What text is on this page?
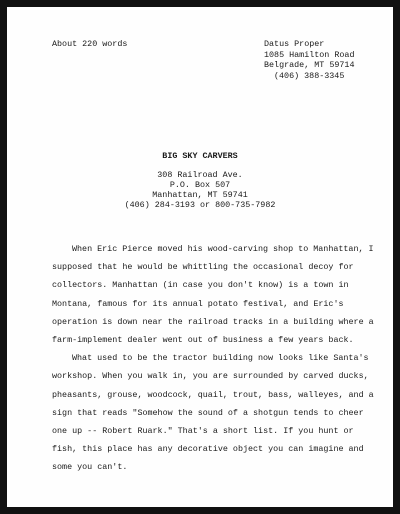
About 220 words	Datus Proper
1085 Hamilton Road
Belgrade, MT 59714
(406) 388-3345
BIG SKY CARVERS
308 Railroad Ave.
P.O. Box 507
Manhattan, MT 59741
(406) 284-3193 or 800-735-7982
When Eric Pierce moved his wood-carving shop to Manhattan, I
supposed that he would be whittling the occasional decoy for
collectors. Manhattan (in case you don't know) is a town in
Montana, famous for its annual potato festival, and Eric's
operation is down near the railroad tracks in a building where a
farm-implement dealer went out of business a few years back.
What used to be the tractor building now looks like Santa's
workshop. When you walk in, you are surrounded by carved ducks,
pheasants, grouse, woodcock, quail, trout, bass, walleyes, and a
sign that reads "Somehow the sound of a shotgun tends to cheer
one up -- Robert Ruark." That's a short list. If you hunt or
fish, this place has any decorative object you can imagine and
some you can't.
